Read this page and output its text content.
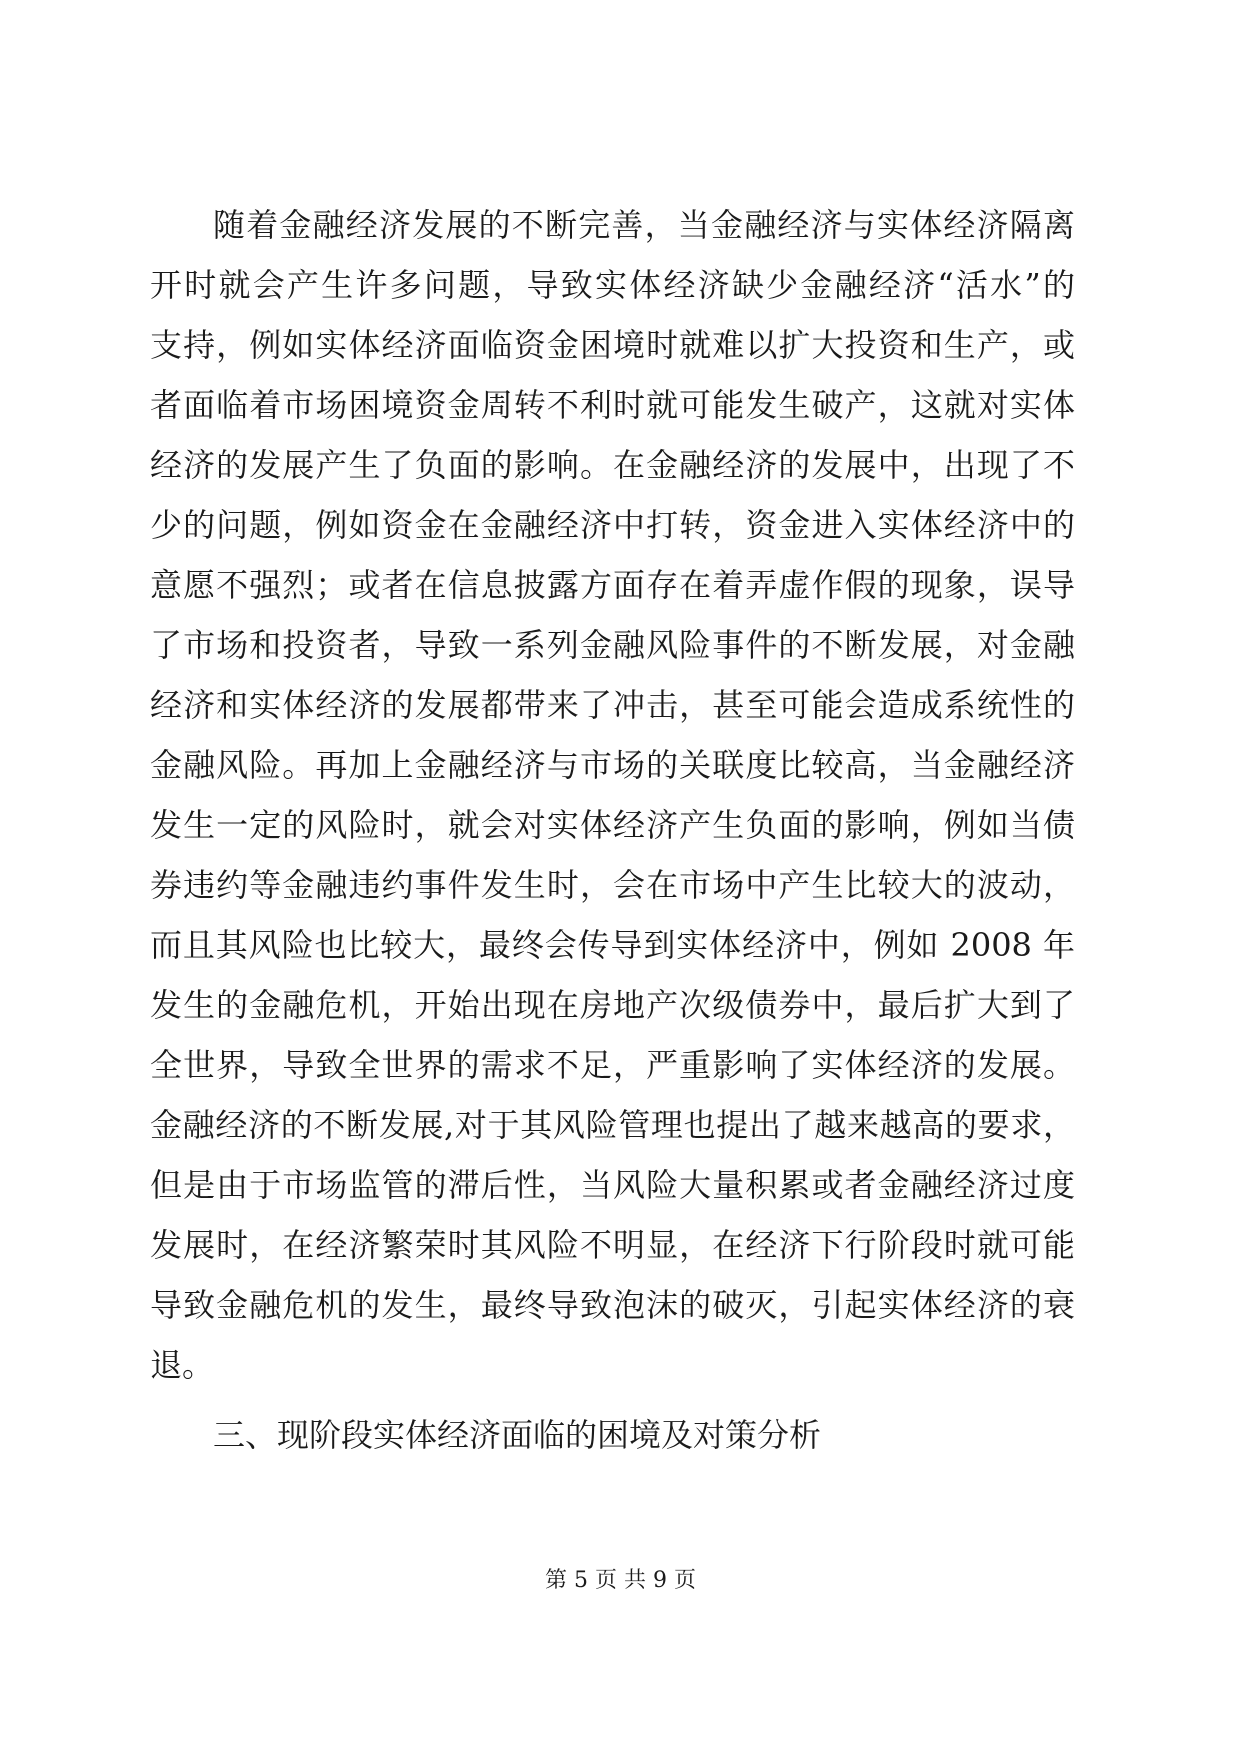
随着金融经济发展的不断完善，当金融经济与实体经济隔离
开时就会产生许多问题，导致实体经济缺少金融经济“活水”的
支持，例如实体经济面临资金困境时就难以扩大投资和生产，或
者面临着市场困境资金周转不利时就可能发生破产，这就对实体
经济的发展产生了负面的影响。在金融经济的发展中，出现了不
少的问题，例如资金在金融经济中打转，资金进入实体经济中的
意愿不强烈；或者在信息披露方面存在着弄虚作假的现象，误导
了市场和投资者，导致一系列金融风险事件的不断发展，对金融
经济和实体经济的发展都带来了冲击，甚至可能会造成系统性的
金融风险。再加上金融经济与市场的关联度比较高，当金融经济
发生一定的风险时，就会对实体经济产生负面的影响，例如当债
券违约等金融违约事件发生时，会在市场中产生比较大的波动，
而且其风险也比较大，最终会传导到实体经济中，例如 2008 年
发生的金融危机，开始出现在房地产次级债券中，最后扩大到了
全世界，导致全世界的需求不足，严重影响了实体经济的发展。
金融经济的不断发展,对于其风险管理也提出了越来越高的要求，
但是由于市场监管的滞后性，当风险大量积累或者金融经济过度
发展时，在经济繁荣时其风险不明显，在经济下行阶段时就可能
导致金融危机的发生，最终导致泡沫的破灭，引起实体经济的衰
退。
三、现阶段实体经济面临的困境及对策分析
第 5 页 共 9 页
